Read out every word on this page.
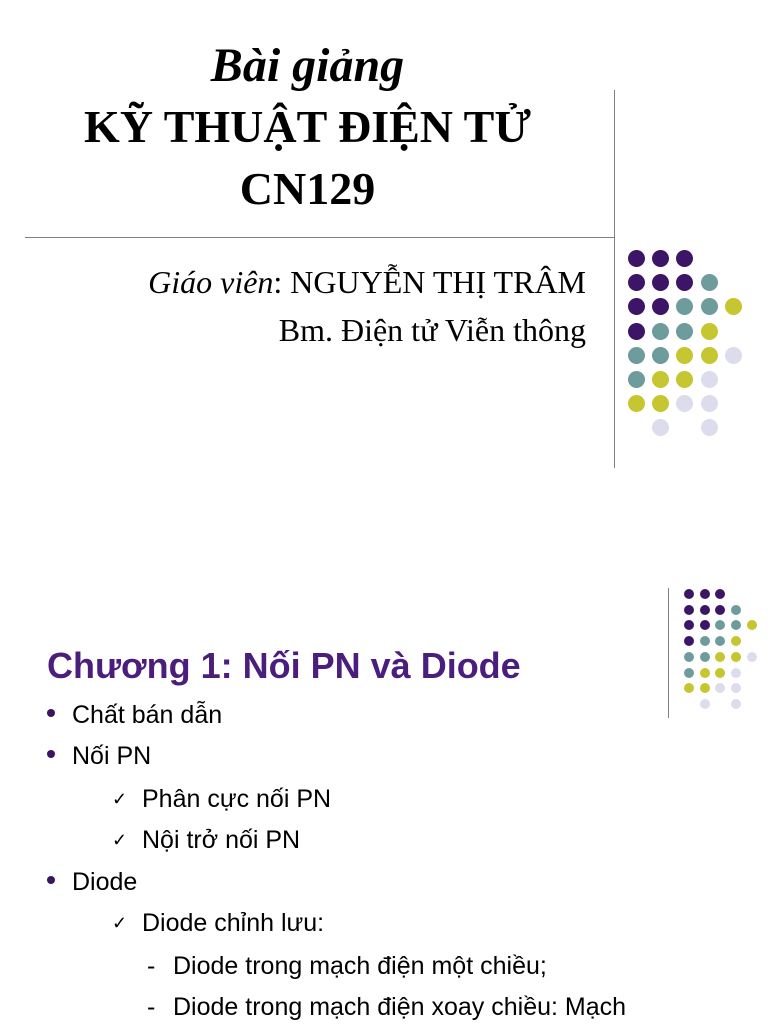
Bài giảng
KỸ THUẬT ĐIỆN TỬ
CN129
Giáo viên: NGUYỄN THỊ TRÂM
Bm. Điện tử Viễn thông
Chương 1: Nối PN và Diode
Chất bán dẫn
Nối PN
✓ Phân cực nối PN
✓ Nội trở nối PN
Diode
✓ Diode chỉnh lưu:
- Diode trong mạch điện một chiều;
- Diode trong mạch điện xoay chiều: Mạch
